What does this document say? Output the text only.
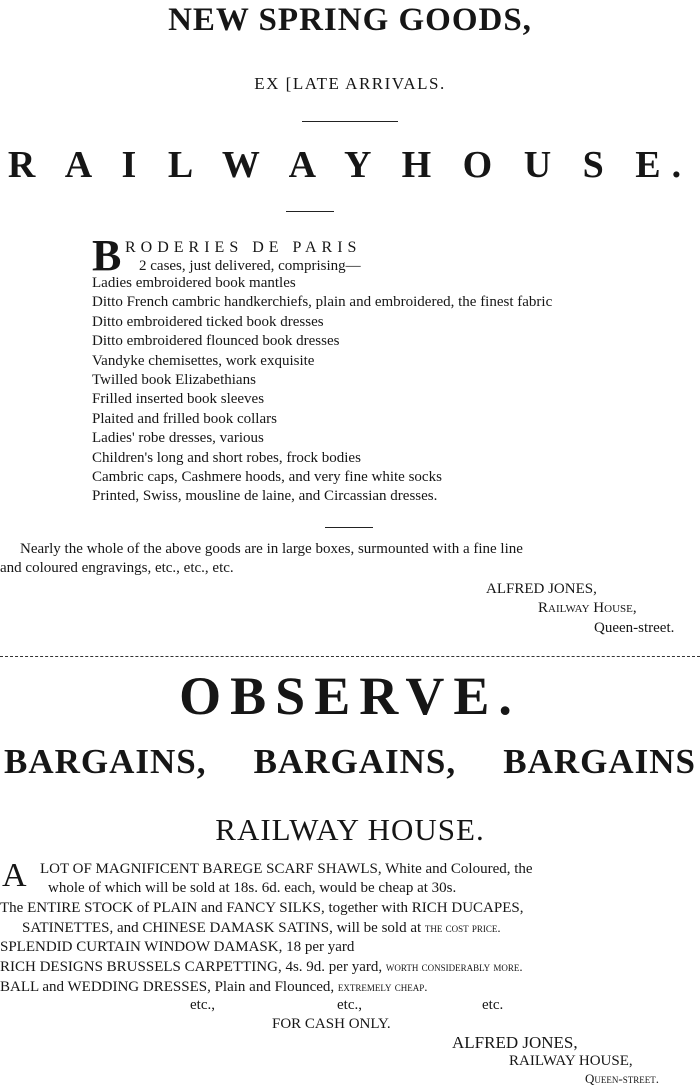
NEW SPRING GOODS,
EX [LATE ARRIVALS.
R A I L W A Y H O U S E.
B RODERIES DE PARIS
2 cases, just delivered, comprising—
Ladies embroidered book mantles
Ditto French cambric handkerchiefs, plain and embroidered, the finest fabric
Ditto embroidered ticked book dresses
Ditto embroidered flounced book dresses
Vandyke chemisettes, work exquisite
Twilled book Elizabethians
Frilled inserted book sleeves
Plaited and frilled book collars
Ladies' robe dresses, various
Children's long and short robes, frock bodies
Cambric caps, Cashmere hoods, and very fine white socks
Printed, Swiss, mousline de laine, and Circassian dresses.
Nearly the whole of the above goods are in large boxes, surmounted with a fine line
and coloured engravings, etc., etc., etc.
ALFRED JONES,
Railway House,
Queen-street.
OBSERVE.
BARGAINS, BARGAINS, BARGAINS
RAILWAY HOUSE.
A LOT OF MAGNIFICENT BAREGE SCARF SHAWLS, White and Coloured, the
whole of which will be sold at 18s. 6d. each, would be cheap at 30s.
The ENTIRE STOCK of PLAIN and FANCY SILKS, together with RICH DUCAPES,
SATINETTES, and CHINESE DAMASK SATINS, will be sold at the cost price.
SPLENDID CURTAIN WINDOW DAMASK, 18 per yard
RICH DESIGNS BRUSSELS CARPETTING, 4s. 9d. per yard, worth considerably more.
BALL and WEDDING DRESSES, Plain and Flounced, extremely cheap.
etc.,	etc.,	etc.
FOR CASH ONLY.
ALFRED JONES,
RAILWAY HOUSE,
Queen-street.
